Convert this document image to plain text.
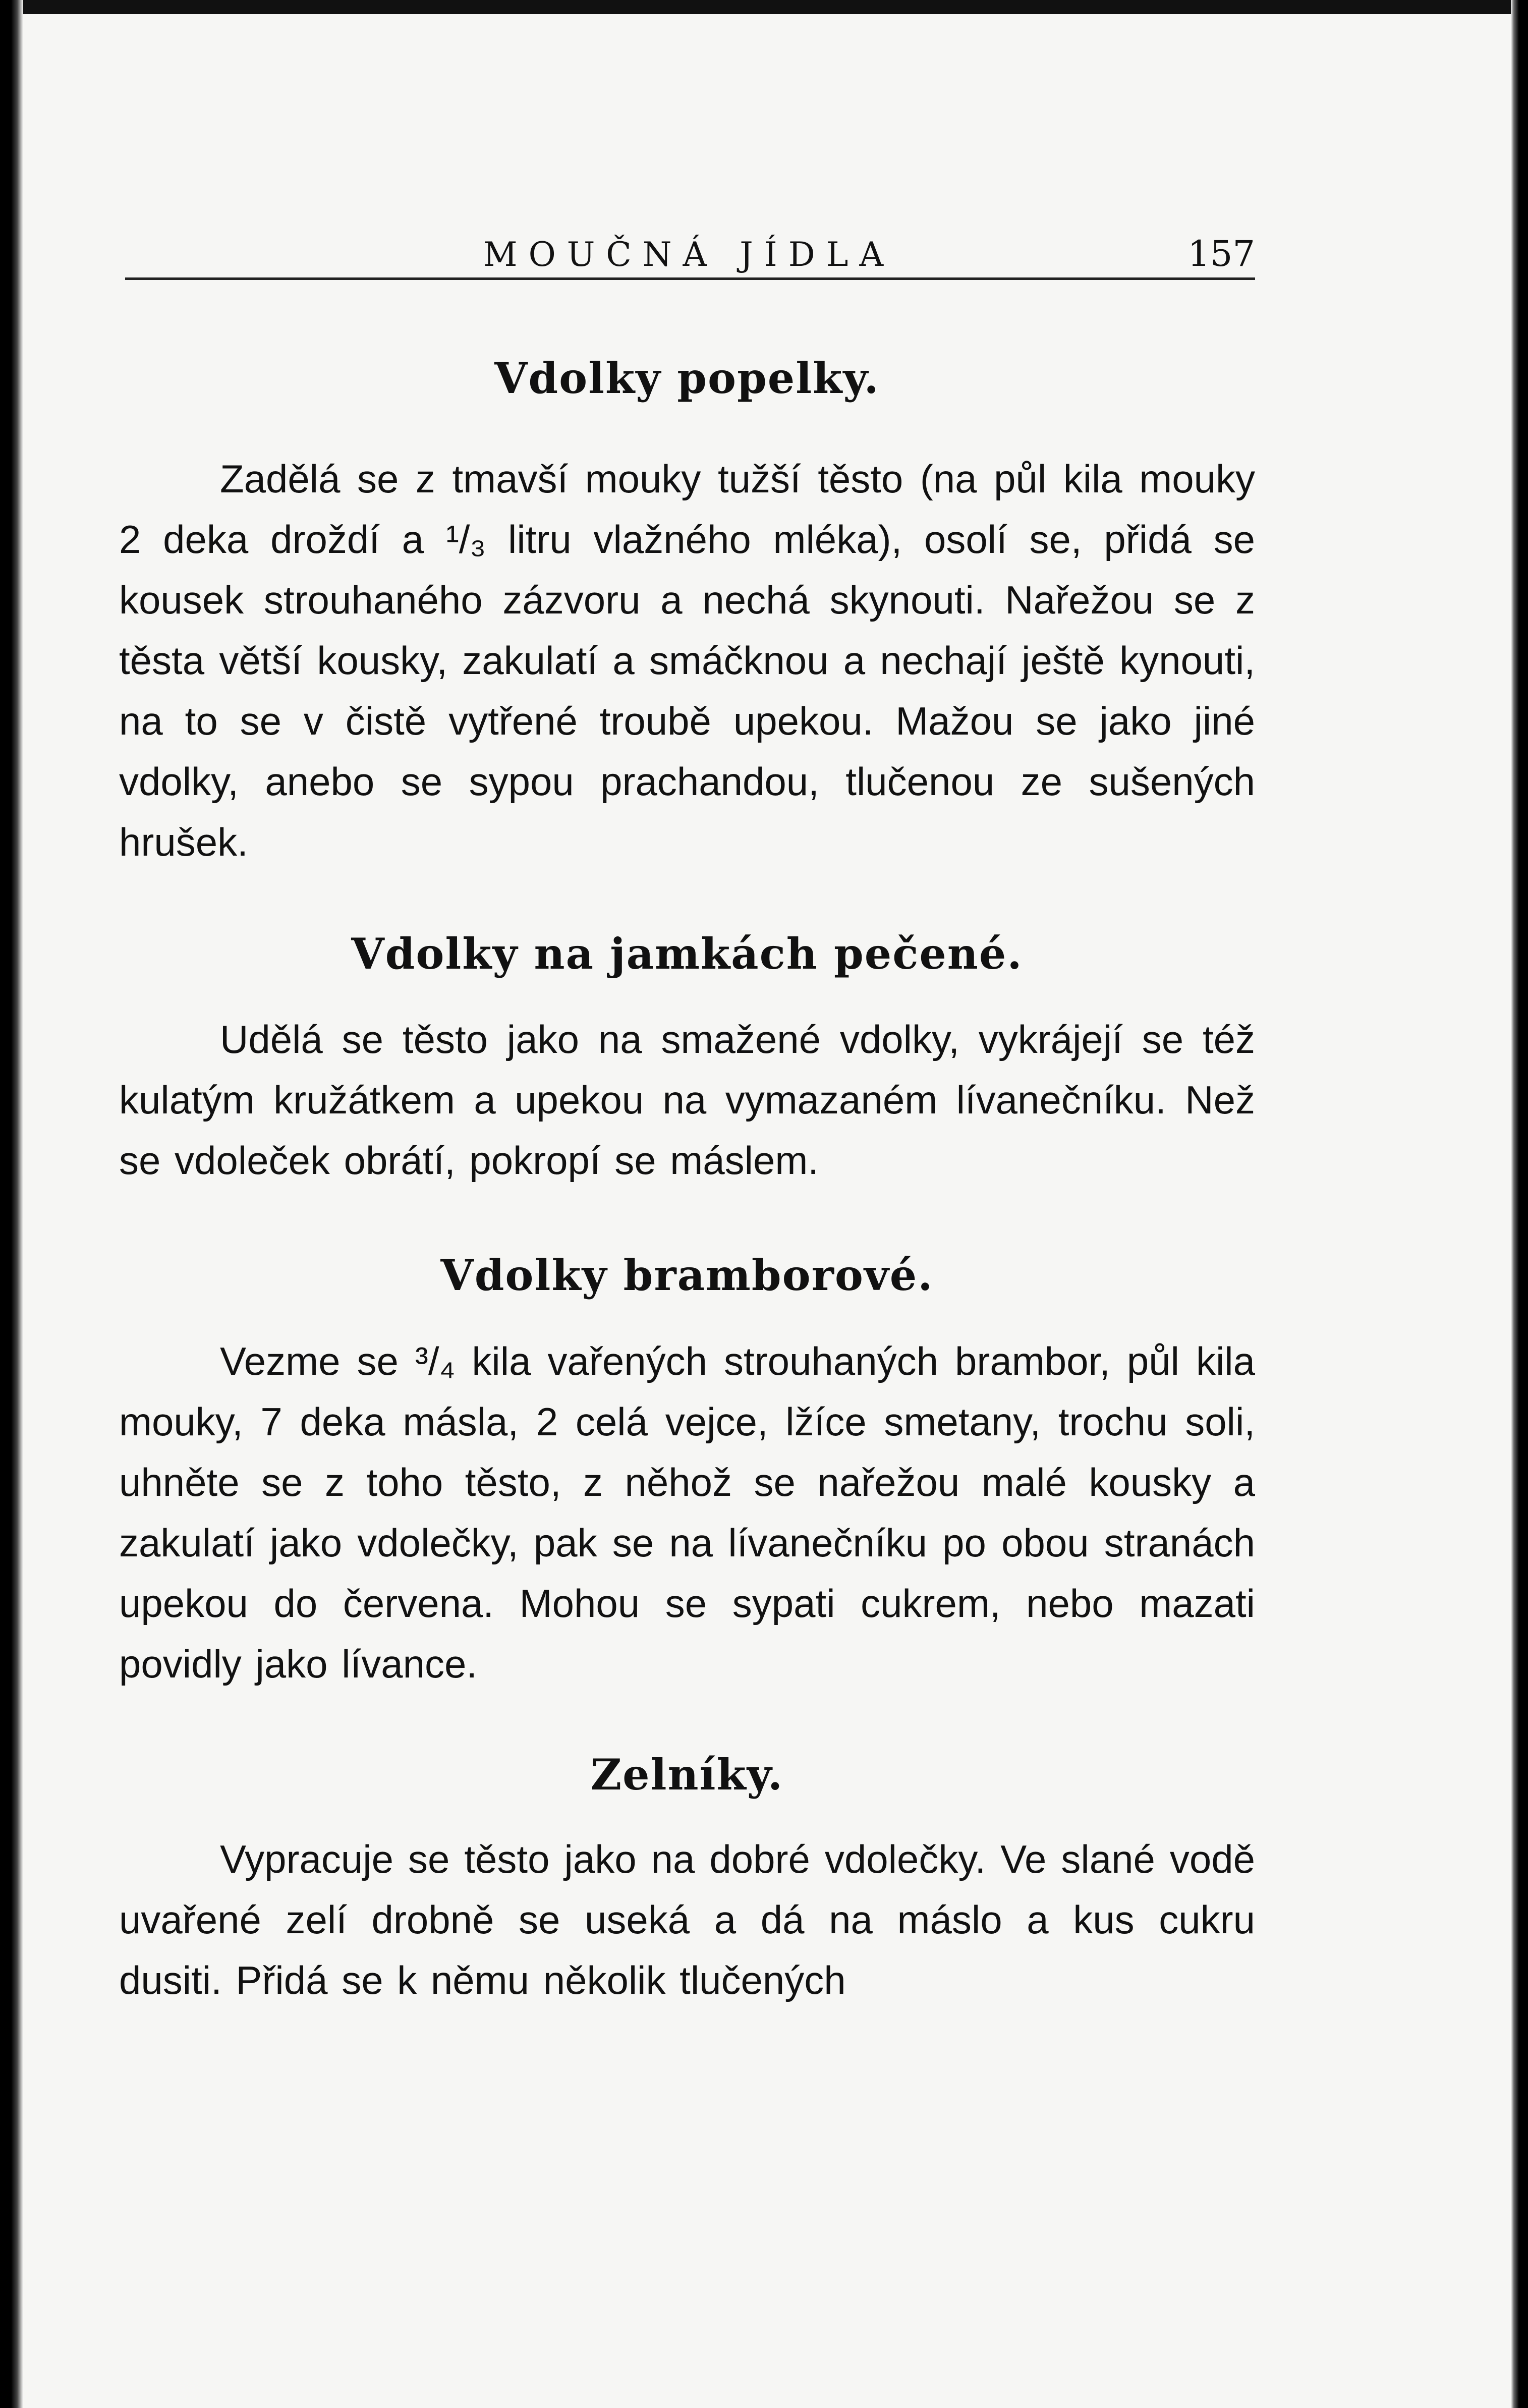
MOUČNÁ JÍDLA	157
Vdolky popelky.

Zadělá se z tmavší mouky tužší těsto (na půl kila mouky 2 deka droždí a ¹/₃ litru vlažného mléka), osolí se, přidá se kousek strouhaného zázvoru a nechá skynouti. Nařežou se z těsta větší kousky, zakulatí a smáčknou a nechají ještě kynouti, na to se v čistě vytřené troubě upekou. Mažou se jako jiné vdolky, anebo se sypou prachandou, tlučenou ze sušených hrušek.

Vdolky na jamkách pečené.

Udělá se těsto jako na smažené vdolky, vykrájejí se též kulatým kružátkem a upekou na vymazaném lívanečníku. Než se vdoleček obrátí, pokropí se máslem.

Vdolky bramborové.

Vezme se ³/₄ kila vařených strouhaných brambor, půl kila mouky, 7 deka másla, 2 celá vejce, lžíce smetany, trochu soli, uhněte se z toho těsto, z něhož se nařežou malé kousky a zakulatí jako vdolečky, pak se na lívanečníku po obou stranách upekou do červena. Mohou se sypati cukrem, nebo mazati povidly jako lívance.

Zelníky.

Vypracuje se těsto jako na dobré vdolečky. Ve slané vodě uvařené zelí drobně se useká a dá na máslo a kus cukru dusiti. Přidá se k němu několik tlučených
